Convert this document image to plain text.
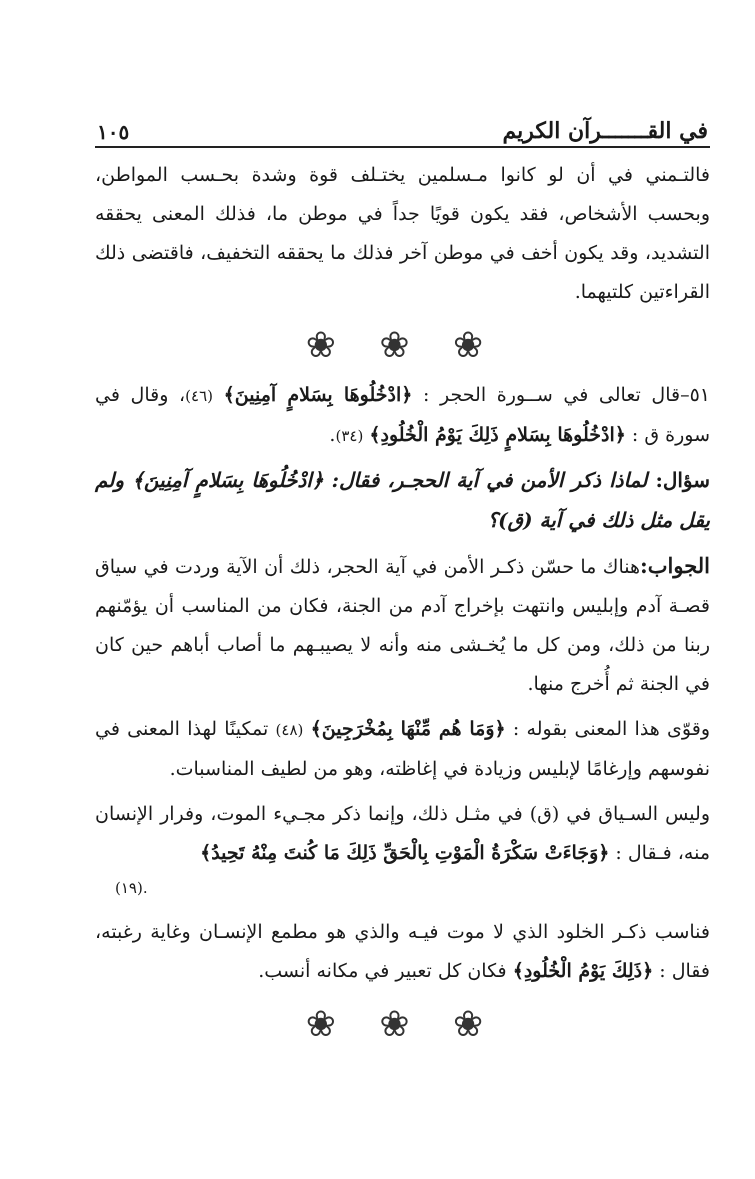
في القـــــــرآن الكريم
١٠٥

فالتـمني في أن لو كانوا مـسلمين يختـلف قوة وشدة بحـسب المواطن، وبحسب الأشخاص، فقد يكون قويًا جداً في موطن ما، فذلك المعنى يحققه التشديد، وقد يكون أخف في موطن آخر فذلك ما يحققه التخفيف، فاقتضى ذلك القراءتين كلتيهما.

❀ ❀ ❀

٥١–قال تعالى في ســورة الحجر : ﴿ادْخُلُوهَا بِسَلامٍ آمِنِينَ﴾ (٤٦)، وقال في سورة ق : ﴿ادْخُلُوهَا بِسَلامٍ ذَلِكَ يَوْمُ الْخُلُودِ﴾ (٣٤).

سؤال: لماذا ذكر الأمن في آية الحجـر، فقال: ﴿ادْخُلُوهَا بِسَلامٍ آمِنِينَ﴾ ولم يقل مثل ذلك في آية (ق)؟

الجواب:هناك ما حسّن ذكـر الأمن في آية الحجر، ذلك أن الآية وردت في سياق قصـة آدم وإبليس وانتهت بإخراج آدم من الجنة، فكان من المناسب أن يؤمّنهم ربنا من ذلك، ومن كل ما يُخـشى منه وأنه لا يصيبـهم ما أصاب أباهم حين كان في الجنة ثم أُخرج منها.

وقوّى هذا المعنى بقوله : ﴿وَمَا هُم مِّنْهَا بِمُخْرَجِينَ﴾ (٤٨) تمكينًا لهذا المعنى في نفوسهم وإرغامًا لإبليس وزيادة في إغاظته، وهو من لطيف المناسبات.

وليس السـياق في (ق) في مثـل ذلك، وإنما ذكر مجـيء الموت، وفرار الإنسان منه، فـقال : ﴿وَجَاءَتْ سَكْرَةُ الْمَوْتِ بِالْحَقِّ ذَلِكَ مَا كُنتَ مِنْهُ تَحِيدُ﴾

.(١٩)

فناسب ذكـر الخلود الذي لا موت فيـه والذي هو مطمع الإنسـان وغاية رغبته، فقال : ﴿ذَلِكَ يَوْمُ الْخُلُودِ﴾ فكان كل تعبير في مكانه أنسب.

❀ ❀ ❀
